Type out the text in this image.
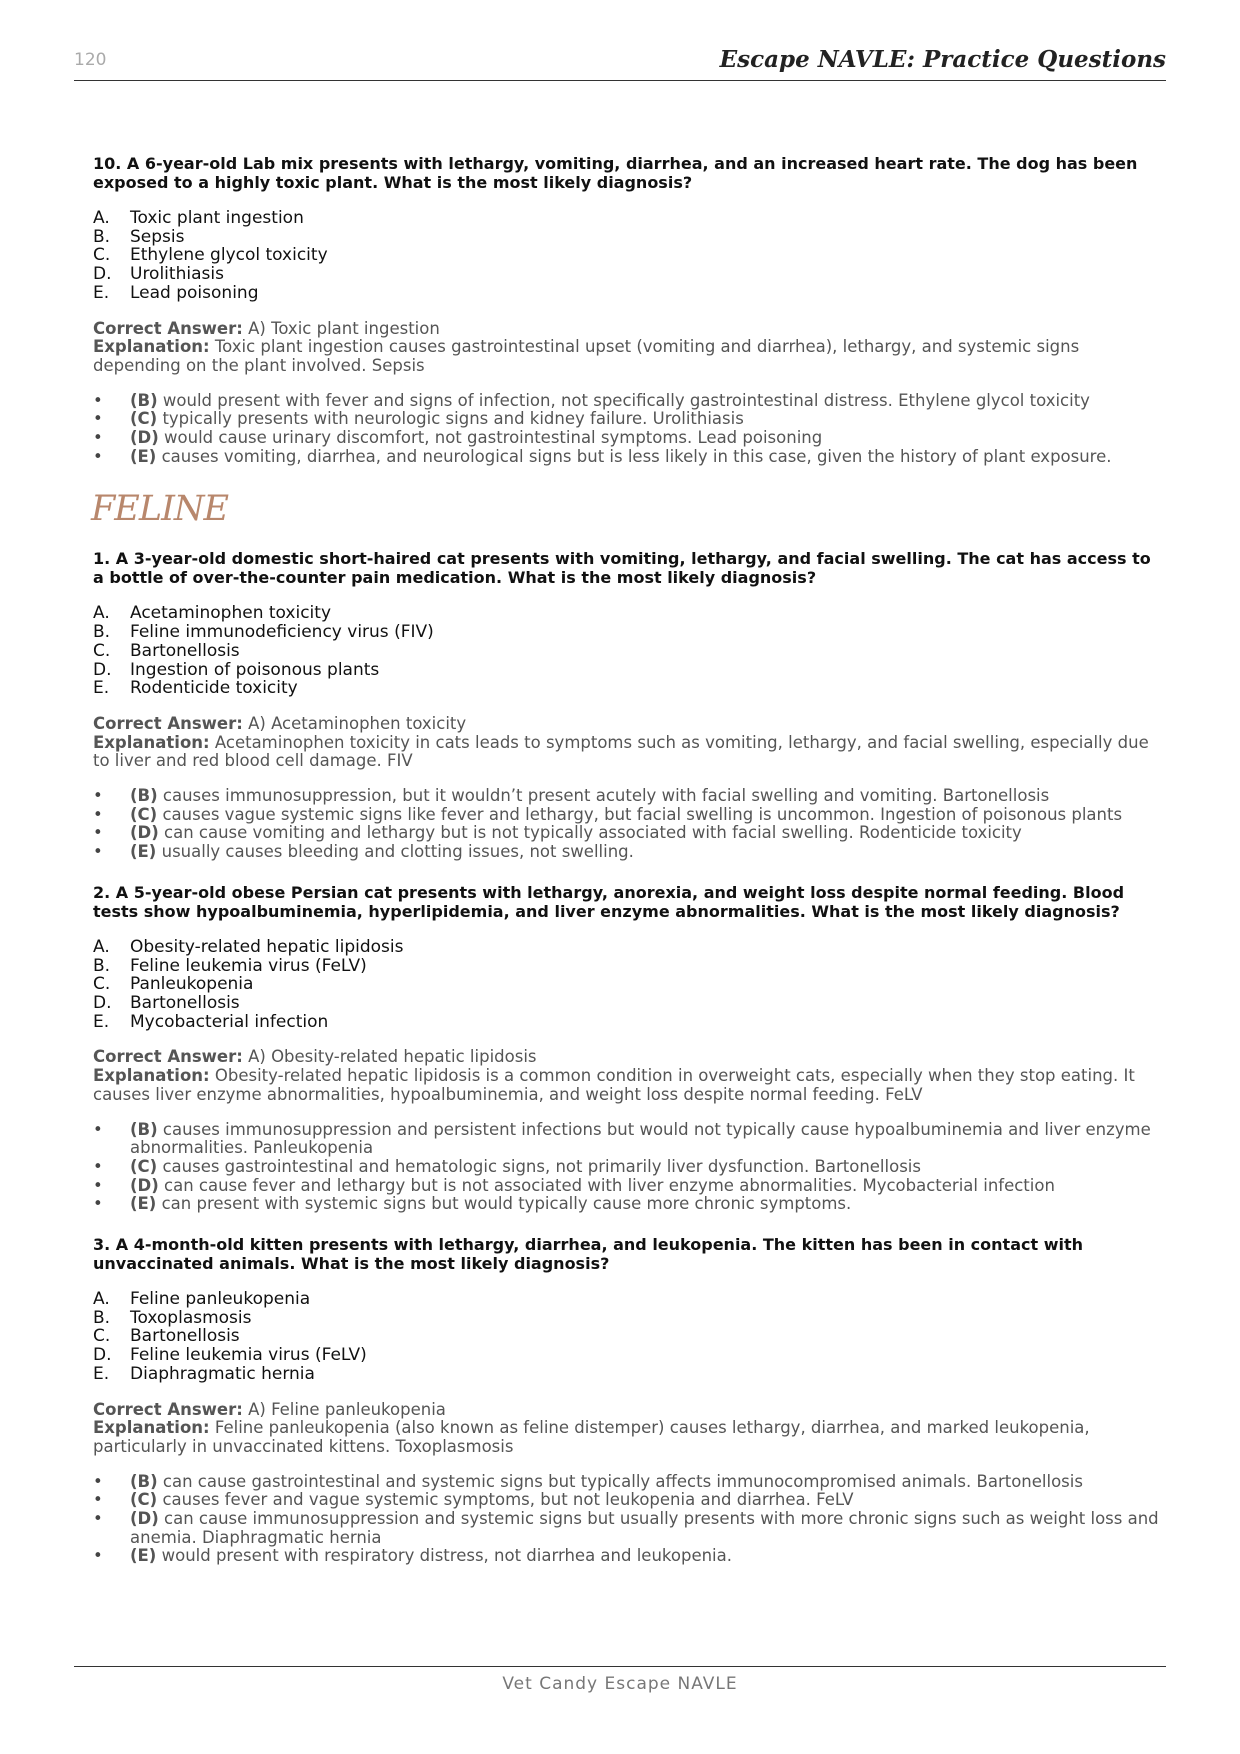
120	Escape NAVLE: Practice Questions

10. A 6-year-old Lab mix presents with lethargy, vomiting, diarrhea, and an increased heart rate. The dog has been exposed to a highly toxic plant. What is the most likely diagnosis?

A.	Toxic plant ingestion
B.	Sepsis
C.	Ethylene glycol toxicity
D.	Urolithiasis
E.	Lead poisoning
Correct Answer: A) Toxic plant ingestion
Explanation: Toxic plant ingestion causes gastrointestinal upset (vomiting and diarrhea), lethargy, and systemic signs depending on the plant involved. Sepsis
•	(B) would present with fever and signs of infection, not specifically gastrointestinal distress. Ethylene glycol toxicity
•	(C) typically presents with neurologic signs and kidney failure. Urolithiasis
•	(D) would cause urinary discomfort, not gastrointestinal symptoms. Lead poisoning
•	(E) causes vomiting, diarrhea, and neurological signs but is less likely in this case, given the history of plant exposure.
FELINE

1. A 3-year-old domestic short-haired cat presents with vomiting, lethargy, and facial swelling. The cat has access to a bottle of over-the-counter pain medication. What is the most likely diagnosis?

A.	Acetaminophen toxicity
B.	Feline immunodeficiency virus (FIV)
C.	Bartonellosis
D.	Ingestion of poisonous plants
E.	Rodenticide toxicity
Correct Answer: A) Acetaminophen toxicity
Explanation: Acetaminophen toxicity in cats leads to symptoms such as vomiting, lethargy, and facial swelling, especially due to liver and red blood cell damage. FIV
•	(B) causes immunosuppression, but it wouldn’t present acutely with facial swelling and vomiting. Bartonellosis
•	(C) causes vague systemic signs like fever and lethargy, but facial swelling is uncommon. Ingestion of poisonous plants
•	(D) can cause vomiting and lethargy but is not typically associated with facial swelling. Rodenticide toxicity
•	(E) usually causes bleeding and clotting issues, not swelling.

2. A 5-year-old obese Persian cat presents with lethargy, anorexia, and weight loss despite normal feeding. Blood tests show hypoalbuminemia, hyperlipidemia, and liver enzyme abnormalities. What is the most likely diagnosis?

A.	Obesity-related hepatic lipidosis
B.	Feline leukemia virus (FeLV)
C.	Panleukopenia
D.	Bartonellosis
E.	Mycobacterial infection
Correct Answer: A) Obesity-related hepatic lipidosis
Explanation: Obesity-related hepatic lipidosis is a common condition in overweight cats, especially when they stop eating. It causes liver enzyme abnormalities, hypoalbuminemia, and weight loss despite normal feeding. FeLV
•	(B) causes immunosuppression and persistent infections but would not typically cause hypoalbuminemia and liver enzyme abnormalities. Panleukopenia
•	(C) causes gastrointestinal and hematologic signs, not primarily liver dysfunction. Bartonellosis
•	(D) can cause fever and lethargy but is not associated with liver enzyme abnormalities. Mycobacterial infection
•	(E) can present with systemic signs but would typically cause more chronic symptoms.

3. A 4-month-old kitten presents with lethargy, diarrhea, and leukopenia. The kitten has been in contact with unvaccinated animals. What is the most likely diagnosis?

A.	Feline panleukopenia
B.	Toxoplasmosis
C.	Bartonellosis
D.	Feline leukemia virus (FeLV)
E.	Diaphragmatic hernia
Correct Answer: A) Feline panleukopenia
Explanation: Feline panleukopenia (also known as feline distemper) causes lethargy, diarrhea, and marked leukopenia, particularly in unvaccinated kittens. Toxoplasmosis
•	(B) can cause gastrointestinal and systemic signs but typically affects immunocompromised animals. Bartonellosis
•	(C) causes fever and vague systemic symptoms, but not leukopenia and diarrhea. FeLV
•	(D) can cause immunosuppression and systemic signs but usually presents with more chronic signs such as weight loss and anemia. Diaphragmatic hernia
•	(E) would present with respiratory distress, not diarrhea and leukopenia.
Vet Candy Escape NAVLE
